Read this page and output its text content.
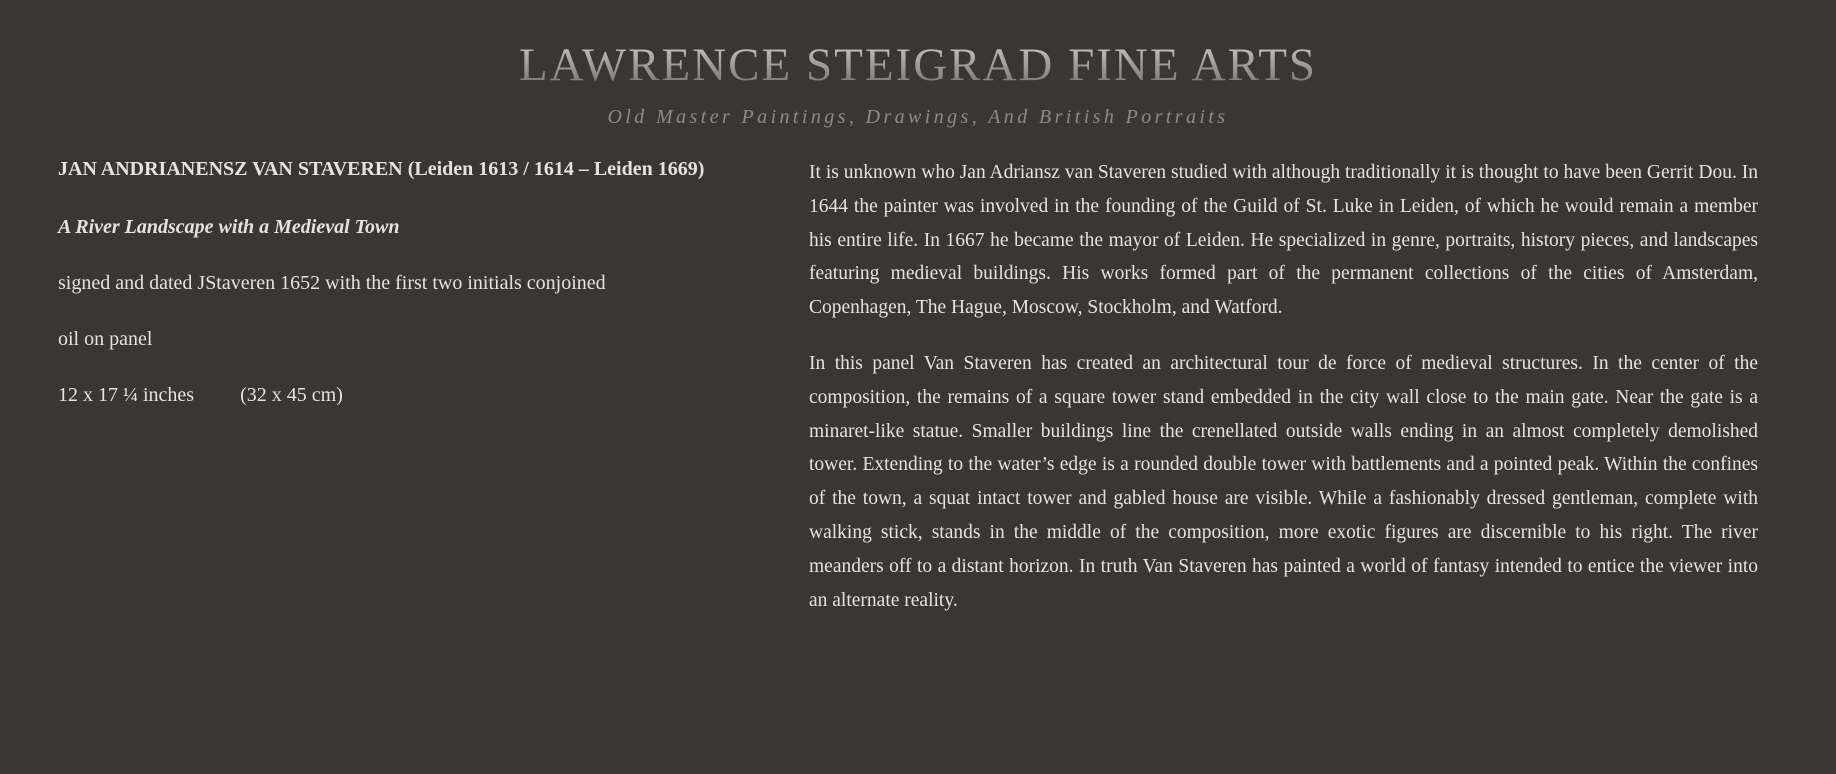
LAWRENCE STEIGRAD FINE ARTS
Old Master Paintings, Drawings, And British Portraits

JAN ANDRIANENSZ VAN STAVEREN (Leiden 1613 / 1614 – Leiden 1669)

A River Landscape with a Medieval Town

signed and dated JStaveren 1652 with the first two initials conjoined

oil on panel

12 x 17 ¼ inches (32 x 45 cm)

It is unknown who Jan Adriansz van Staveren studied with although traditionally it is thought to have been Gerrit Dou. In 1644 the painter was involved in the founding of the Guild of St. Luke in Leiden, of which he would remain a member his entire life. In 1667 he became the mayor of Leiden. He specialized in genre, portraits, history pieces, and landscapes featuring medieval buildings. His works formed part of the permanent collections of the cities of Amsterdam, Copenhagen, The Hague, Moscow, Stockholm, and Watford.

In this panel Van Staveren has created an architectural tour de force of medieval structures. In the center of the composition, the remains of a square tower stand embedded in the city wall close to the main gate. Near the gate is a minaret-like statue. Smaller buildings line the crenellated outside walls ending in an almost completely demolished tower. Extending to the water’s edge is a rounded double tower with battlements and a pointed peak. Within the confines of the town, a squat intact tower and gabled house are visible. While a fashionably dressed gentleman, complete with walking stick, stands in the middle of the composition, more exotic figures are discernible to his right. The river meanders off to a distant horizon. In truth Van Staveren has painted a world of fantasy intended to entice the viewer into an alternate reality.
